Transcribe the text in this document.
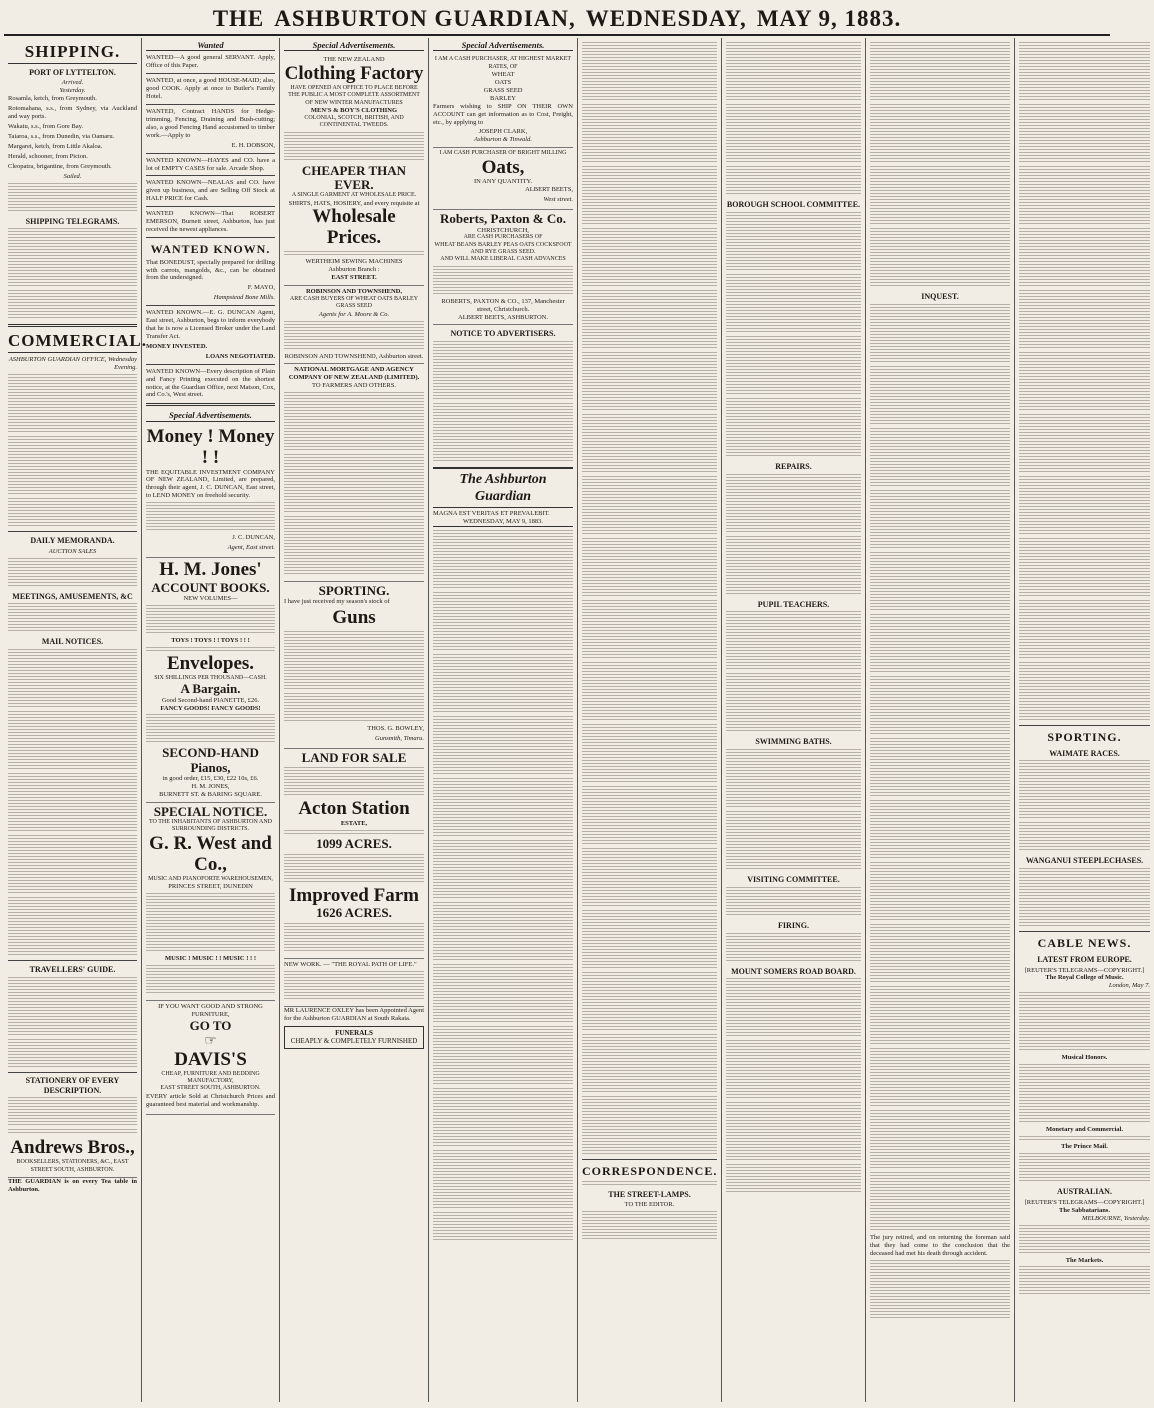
THE ASHBURTON GUARDIAN, WEDNESDAY, MAY 9, 1883.
SHIPPING.
PORT OF LYTTELTON.
Arrived.
Yesterday.

Rosamla, ketch, from Greymouth.

Rotomahana, s.s., from Sydney, via Auckland and way ports.

Wakatu, s.s., from Gore Bay.

Taiaroa, s.s., from Dunedin, via Oamaru.

Margaret, ketch, from Little Akaloa.

Herald, schooner, from Picton.

Cleopatra, brigantine, from Greymouth.

Sailed.
SHIPPING TELEGRAMS.
COMMERCIAL.

ASHBURTON GUARDIAN OFFICE, Wednesday Evening.

DAILY MEMORANDA.
AUCTION SALES
MEETINGS, AMUSEMENTS, &C
MAIL NOTICES.
TRAVELLERS' GUIDE.
STATIONERY OF EVERY DESCRIPTION.
Andrews Bros.,
BOOKSELLERS, STATIONERS, &C., EAST STREET SOUTH, ASHBURTON.

THE GUARDIAN is on every Tea table in Ashburton.

Wanted

WANTED—A good general SERVANT. Apply, Office of this Paper.

WANTED, at once, a good HOUSE-MAID; also, good COOK. Apply at once to Butler's Family Hotel.

WANTED, Contract HANDS for Hedge-trimming, Fencing, Draining and Bush-cutting; also, a good Fencing Hand accustomed to timber work.—Apply to

E. H. DOBSON,

WANTED KNOWN—HAYES and CO. have a lot of EMPTY CASES for sale. Arcade Shop.

WANTED KNOWN—NEALAS and CO. have given up business, and are Selling Off Stock at HALF PRICE for Cash.

WANTED KNOWN—That ROBERT EMERSON, Burnett street, Ashburton, has just received the newest appliances.

WANTED KNOWN.

That BONEDUST, specially prepared for drilling with carrots, mangolds, &c., can be obtained from the undersigned.

F. MAYO,

Hampstead Bone Mills.

WANTED KNOWN.—E. G. DUNCAN Agent, East street, Ashburton, begs to inform everybody that he is now a Licensed Broker under the Land Transfer Act.

MONEY INVESTED.

LOANS NEGOTIATED.

WANTED KNOWN—Every description of Plain and Fancy Printing executed on the shortest notice, at the Guardian Office, next Matson, Cox, and Co.'s, West street.

Special Advertisements.
Money ! Money ! !

THE EQUITABLE INVESTMENT COMPANY OF NEW ZEALAND, Limited, are prepared, through their agent, J. C. DUNCAN, East street, to LEND MONEY on freehold security.

J. C. DUNCAN,

Agent, East street.

H. M. Jones'
ACCOUNT BOOKS.
NEW VOLUMES—
TOYS ! TOYS ! ! TOYS ! ! !
Envelopes.
SIX SHILLINGS PER THOUSAND—CASH.
A Bargain.
Good Second-hand PIANETTE, £26.
FANCY GOODS! FANCY GOODS!
SECOND-HAND Pianos,
in good order, £15, £30, £22 10s, £6.
H. M. JONES,
BURNETT ST. & BARING SQUARE.
SPECIAL NOTICE.
TO THE INHABITANTS OF ASHBURTON AND SURROUNDING DISTRICTS.
G. R. West and Co.,
MUSIC AND PIANOFORTE WAREHOUSEMEN,
PRINCES STREET, DUNEDIN
MUSIC ! MUSIC ! ! MUSIC ! ! !
IF YOU WANT GOOD AND STRONG FURNITURE,
GO TO
☞
DAVIS'S
CHEAP, FURNITURE AND BEDDING MANUFACTORY,
EAST STREET SOUTH, ASHBURTON.

EVERY article Sold at Christchurch Prices and guaranteed best material and workmanship.

Special Advertisements.
THE NEW ZEALAND
Clothing Factory
HAVE OPENED AN OFFICE TO PLACE BEFORE THE PUBLIC A MOST COMPLETE ASSORTMENT OF NEW WINTER MANUFACTURES
MEN'S & BOY'S CLOTHING
COLONIAL, SCOTCH, BRITISH, AND CONTINENTAL TWEEDS.
CHEAPER THAN EVER.
A SINGLE GARMENT AT WHOLESALE PRICE.
SHIRTS, HATS, HOSIERY, and every requisite at
Wholesale Prices.
WERTHEIM SEWING MACHINES
Ashburton Branch :
EAST STREET.
ROBINSON AND TOWNSHEND,
ARE CASH BUYERS OF WHEAT OATS BARLEY GRASS SEED
Agents for A. Moore & Co.
ROBINSON AND TOWNSHEND, Ashburton street.
NATIONAL MORTGAGE AND AGENCY COMPANY OF NEW ZEALAND (LIMITED).
TO FARMERS AND OTHERS.
SPORTING.

I have just received my season's stock of

Guns

THOS. G. BOWLEY,

Gunsmith, Timaru.

LAND FOR SALE
Acton Station
ESTATE,
1099 ACRES.
Improved Farm
1626 ACRES.

NEW WORK. — "THE ROYAL PATH OF LIFE."

MR LAURENCE OXLEY has been Appointed Agent for the Ashburton GUARDIAN at South Rakaia.

FUNERALS
CHEAPLY & COMPLETELY FURNISHED
Special Advertisements.
I AM A CASH PURCHASER, AT HIGHEST MARKET RATES, OF
WHEAT
OATS
GRASS SEED
BARLEY

Farmers wishing to SHIP ON THEIR OWN ACCOUNT can get information as to Cost, Freight, etc., by applying to

JOSEPH CLARK,
Ashburton & Tinwald.
I AM CASH PURCHASER OF BRIGHT MILLING
Oats,
IN ANY QUANTITY.

ALBERT BEETS,

West street.

Roberts, Paxton & Co.
CHRISTCHURCH,
ARE CASH PURCHASERS OF
WHEAT BEANS BARLEY PEAS OATS COCKSFOOT AND RYE GRASS SEED.
AND WILL MAKE LIBERAL CASH ADVANCES
ROBERTS, PAXTON & CO., 137, Manchester street, Christchurch.
ALBERT BEETS, ASHBURTON.
NOTICE TO ADVERTISERS.
The Ashburton Guardian
MAGNA EST VERITAS ET PREVALEBIT.
WEDNESDAY, MAY 9, 1883.
CORRESPONDENCE.
THE STREET-LAMPS.
TO THE EDITOR.
BOROUGH SCHOOL COMMITTEE.
REPAIRS.
PUPIL TEACHERS.
SWIMMING BATHS.
VISITING COMMITTEE.
FIRING.
MOUNT SOMERS ROAD BOARD.
INQUEST.

The jury retired, and on returning the foreman said that they had come to the conclusion that the deceased had met his death through accident.

SPORTING.
WAIMATE RACES.
WANGANUI STEEPLECHASES.
CABLE NEWS.
LATEST FROM EUROPE.
[REUTER'S TELEGRAMS—COPYRIGHT.]
The Royal College of Music.
London, May 7.
Musical Honors.
Monetary and Commercial.
The Prince Mail.
AUSTRALIAN.
[REUTER'S TELEGRAMS—COPYRIGHT.]
The Sabbatarians.
MELBOURNE, Yesterday.
The Markets.
